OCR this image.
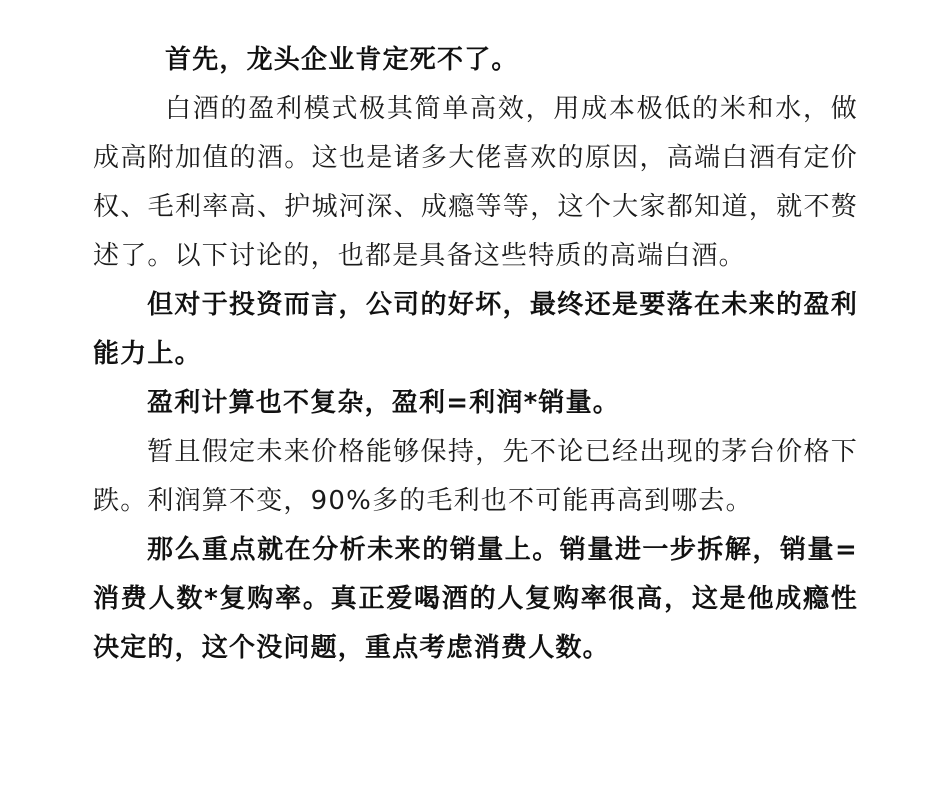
首先，龙头企业肯定死不了。

白酒的盈利模式极其简单高效，用成本极低的米和水，做成高附加值的酒。这也是诸多大佬喜欢的原因，高端白酒有定价权、毛利率高、护城河深、成瘾等等，这个大家都知道，就不赘述了。以下讨论的，也都是具备这些特质的高端白酒。

但对于投资而言，公司的好坏，最终还是要落在未来的盈利能力上。

盈利计算也不复杂，盈利=利润*销量。

暂且假定未来价格能够保持，先不论已经出现的茅台价格下跌。利润算不变，90%多的毛利也不可能再高到哪去。

那么重点就在分析未来的销量上。销量进一步拆解，销量=消费人数*复购率。真正爱喝酒的人复购率很高，这是他成瘾性决定的，这个没问题，重点考虑消费人数。
